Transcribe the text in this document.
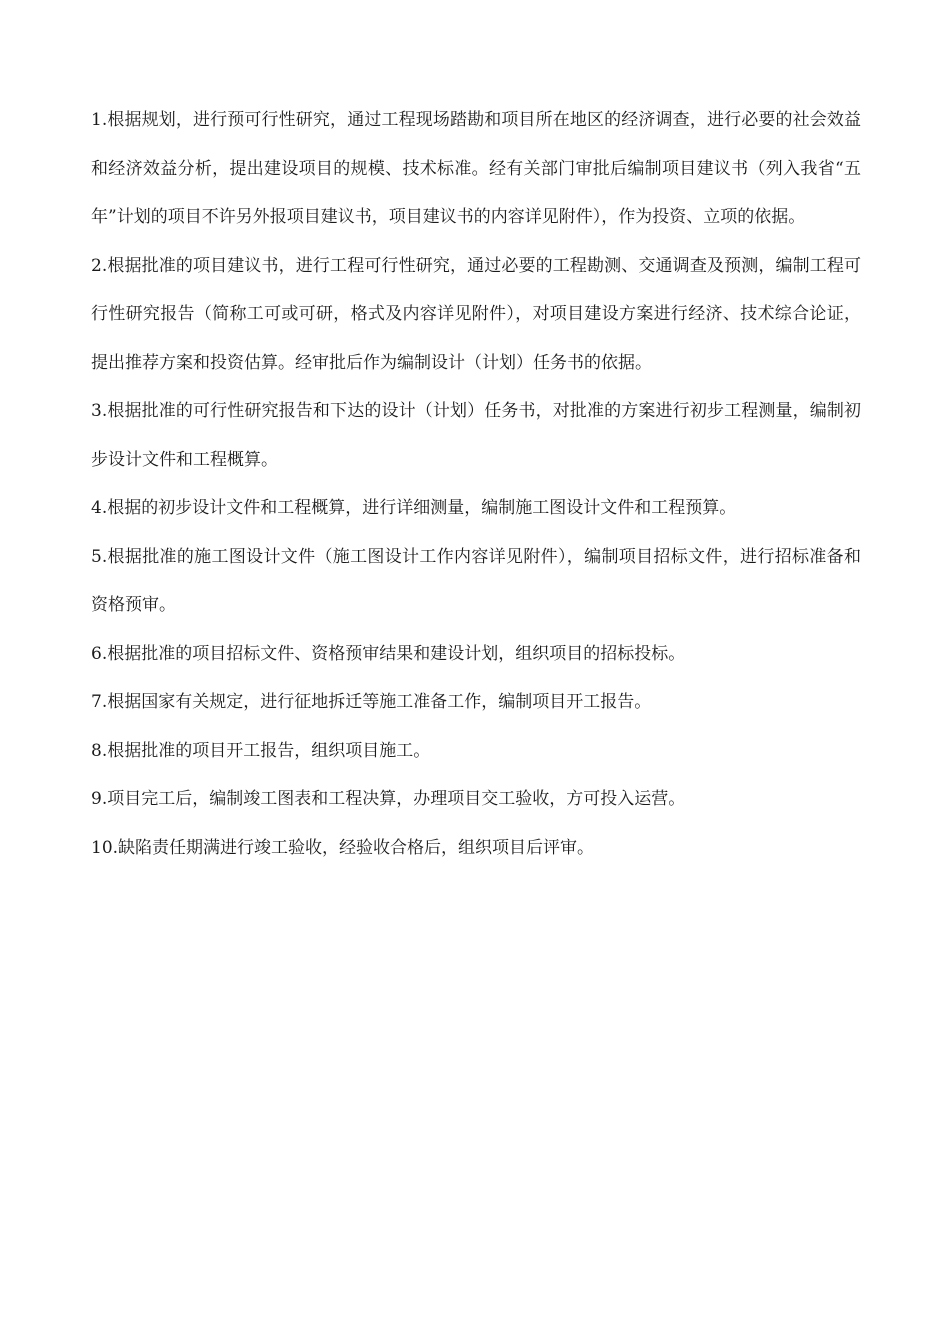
1.根据规划，进行预可行性研究，通过工程现场踏勘和项目所在地区的经济调查，进行必要的社会效益和经济效益分析，提出建设项目的规模、技术标准。经有关部门审批后编制项目建议书（列入我省“五年”计划的项目不许另外报项目建议书，项目建议书的内容详见附件），作为投资、立项的依据。

2.根据批准的项目建议书，进行工程可行性研究，通过必要的工程勘测、交通调查及预测，编制工程可行性研究报告（简称工可或可研，格式及内容详见附件），对项目建设方案进行经济、技术综合论证，提出推荐方案和投资估算。经审批后作为编制设计（计划）任务书的依据。

3.根据批准的可行性研究报告和下达的设计（计划）任务书，对批准的方案进行初步工程测量，编制初步设计文件和工程概算。

4.根据的初步设计文件和工程概算，进行详细测量，编制施工图设计文件和工程预算。

5.根据批准的施工图设计文件（施工图设计工作内容详见附件），编制项目招标文件，进行招标准备和资格预审。

6.根据批准的项目招标文件、资格预审结果和建设计划，组织项目的招标投标。

7.根据国家有关规定，进行征地拆迁等施工准备工作，编制项目开工报告。

8.根据批准的项目开工报告，组织项目施工。

9.项目完工后，编制竣工图表和工程决算，办理项目交工验收，方可投入运营。

10.缺陷责任期满进行竣工验收，经验收合格后，组织项目后评审。
